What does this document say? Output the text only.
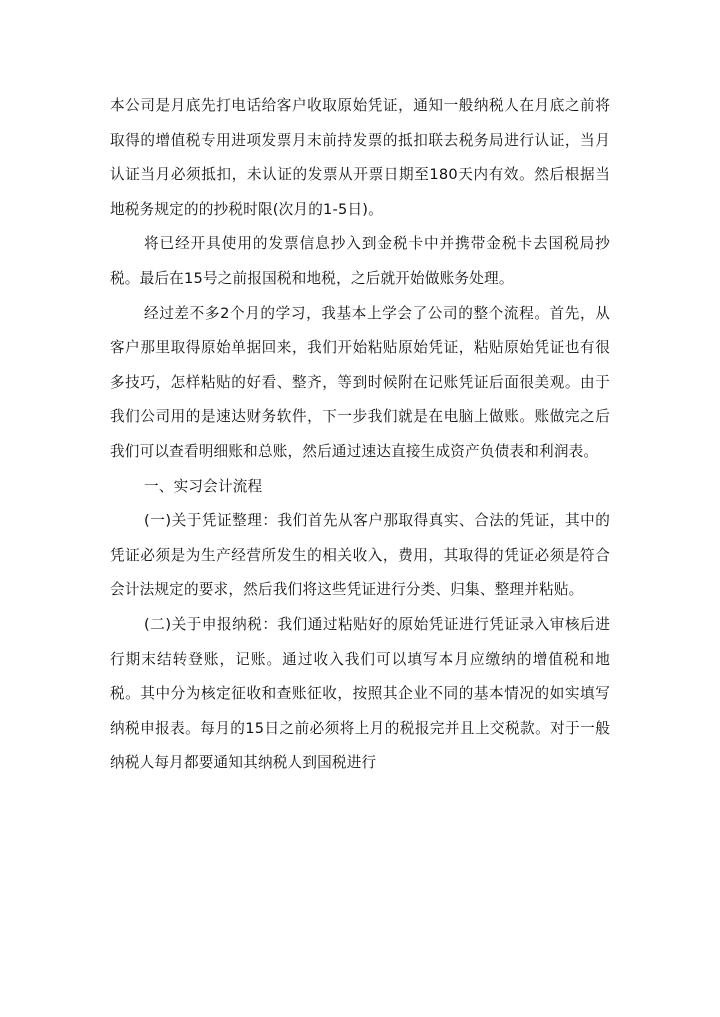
本公司是月底先打电话给客户收取原始凭证，通知一般纳税人在月底之前将取得的增值税专用进项发票月末前持发票的抵扣联去税务局进行认证，当月认证当月必须抵扣，未认证的发票从开票日期至180天内有效。然后根据当地税务规定的的抄税时限(次月的1-5日)。

将已经开具使用的发票信息抄入到金税卡中并携带金税卡去国税局抄税。最后在15号之前报国税和地税，之后就开始做账务处理。

经过差不多2个月的学习，我基本上学会了公司的整个流程。首先，从客户那里取得原始单据回来，我们开始粘贴原始凭证，粘贴原始凭证也有很多技巧，怎样粘贴的好看、整齐，等到时候附在记账凭证后面很美观。由于我们公司用的是速达财务软件，下一步我们就是在电脑上做账。账做完之后我们可以查看明细账和总账，然后通过速达直接生成资产负债表和利润表。

一、实习会计流程

(一)关于凭证整理：我们首先从客户那取得真实、合法的凭证，其中的凭证必须是为生产经营所发生的相关收入，费用，其取得的凭证必须是符合会计法规定的要求，然后我们将这些凭证进行分类、归集、整理并粘贴。

(二)关于申报纳税：我们通过粘贴好的原始凭证进行凭证录入审核后进行期末结转登账，记账。通过收入我们可以填写本月应缴纳的增值税和地税。其中分为核定征收和查账征收，按照其企业不同的基本情况的如实填写纳税申报表。每月的15日之前必须将上月的税报完并且上交税款。对于一般纳税人每月都要通知其纳税人到国税进行
